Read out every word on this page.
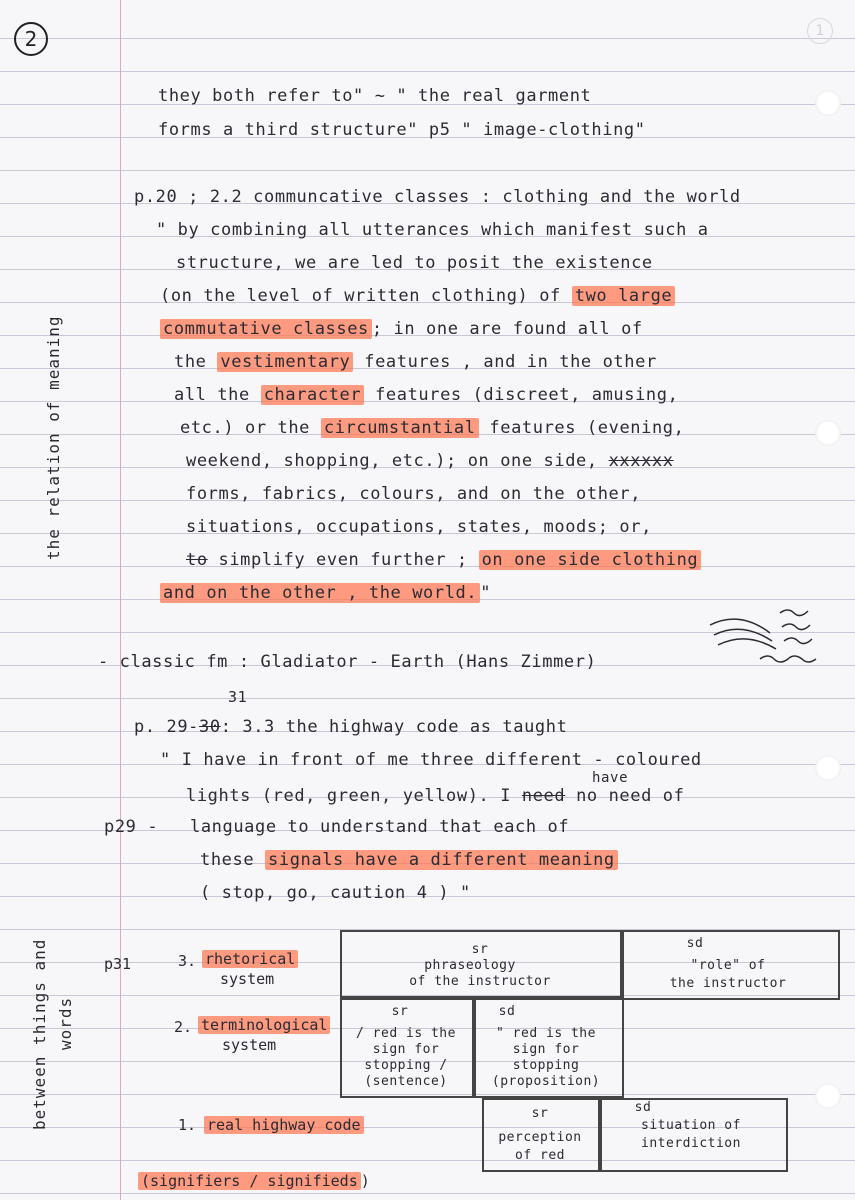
2	1
the relation of meaning
between things and words
they both refer to" ~ " the real garment
forms a third structure" p5 " image-clothing"
p.20 ; 2.2 communcative classes : clothing and the world
" by combining all utterances which manifest such a
structure, we are led to posit the existence
(on the level of written clothing) of two large
commutative classes ; in one are found all of
the vestimentary features , and in the other
all the character features (discreet, amusing,
etc.) or the circumstantial features (evening,
weekend, shopping, etc.); on one side, xxxxxx
forms, fabrics, colours, and on the other,
situations, occupations, states, moods; or,
to simplify even further ; on one side clothing
and on the other , the world. "
- classic fm : Gladiator - Earth (Hans Zimmer)
31
p. 29-30: 3.3 the highway code as taught
" I have in front of me three different - coloured
have
lights (red, green, yellow). I need no need of
p29 - language to understand that each of
these signals have a different meaning
( stop, go, caution 4 ) "
p31	3. rhetorical
system
2. terminological
system
1. real highway code
sr
phraseology
of the instructor
sd
"role" of
the instructor
sr
/ red is the
sign for
stopping /
(sentence)
sd
" red is the
sign for
stopping
(proposition)
sr
perception
of red
sd
situation of
interdiction
(signifiers / signifieds )
